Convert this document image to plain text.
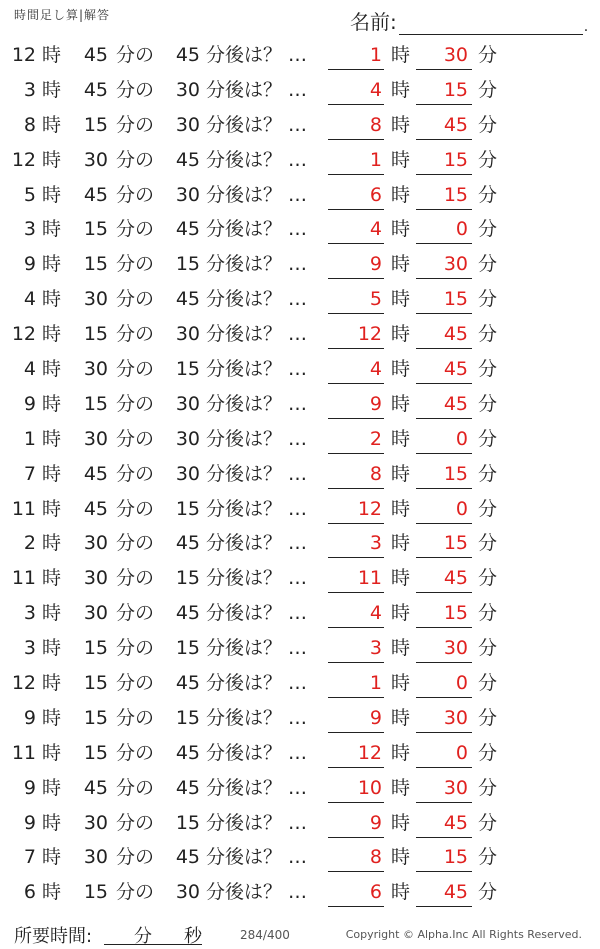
時間足し算|解答	名前:	.
12 時 45 分の	45 分後は？ …	1 時	30 分
3 時 45 分の	30 分後は？ …	4 時	15 分
8 時 15 分の	30 分後は？ …	8 時	45 分
12 時 30 分の	45 分後は？ …	1 時	15 分
5 時 45 分の	30 分後は？ …	6 時	15 分
3 時 15 分の	45 分後は？ …	4 時	0 分
9 時 15 分の	15 分後は？ …	9 時	30 分
4 時 30 分の	45 分後は？ …	5 時	15 分
12 時 15 分の	30 分後は？ …	12 時	45 分
4 時 30 分の	15 分後は？ …	4 時	45 分
9 時 15 分の	30 分後は？ …	9 時	45 分
1 時 30 分の	30 分後は？ …	2 時	0 分
7 時 45 分の	30 分後は？ …	8 時	15 分
11 時 45 分の	15 分後は？ …	12 時	0 分
2 時 30 分の	45 分後は？ …	3 時	15 分
11 時 30 分の	15 分後は？ …	11 時	45 分
3 時 30 分の	45 分後は？ …	4 時	15 分
3 時 15 分の	15 分後は？ …	3 時	30 分
12 時 15 分の	45 分後は？ …	1 時	0 分
9 時 15 分の	15 分後は？ …	9 時	30 分
11 時 15 分の	45 分後は？ …	12 時	0 分
9 時 45 分の	45 分後は？ …	10 時	30 分
9 時 30 分の	15 分後は？ …	9 時	45 分
7 時 30 分の	45 分後は？ …	8 時	15 分
6 時 15 分の	30 分後は？ …	6 時	45 分
所要時間: 分 秒	284/400	Copyright © Alpha.Inc All Rights Reserved.
